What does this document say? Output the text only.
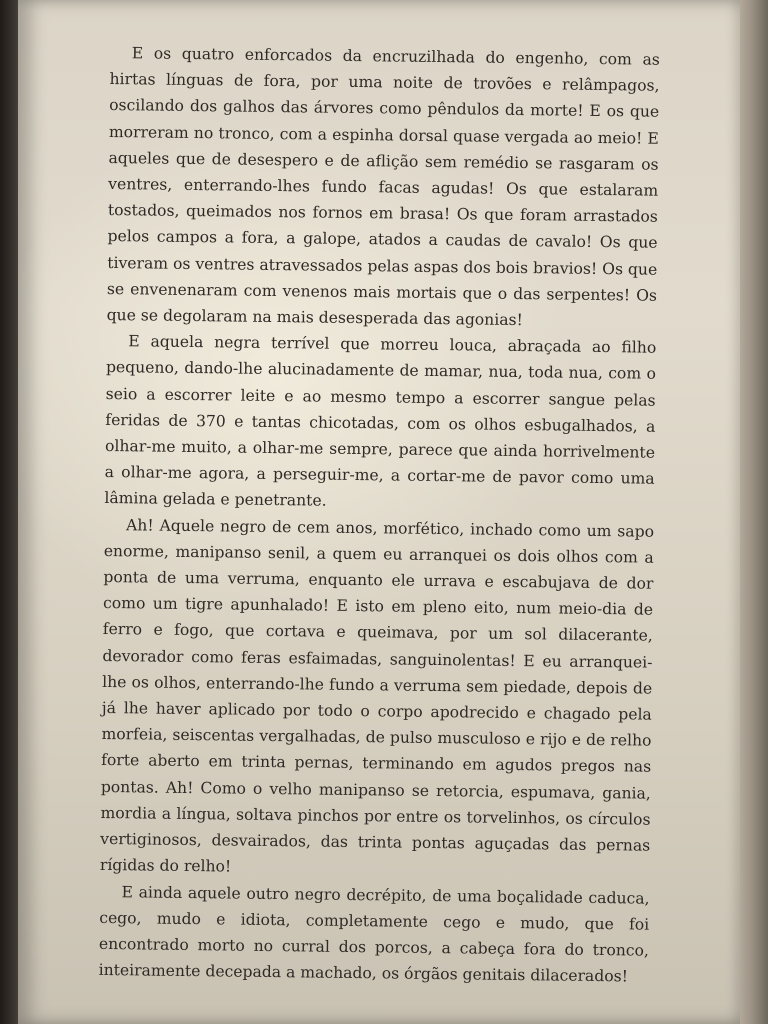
E os quatro enforcados da encruzilhada do engenho, com as hirtas línguas de fora, por uma noite de trovões e relâmpagos, oscilando dos galhos das árvores como pêndulos da morte! E os que morreram no tronco, com a espinha dorsal quase vergada ao meio! E aqueles que de desespero e de aflição sem remédio se rasgaram os ventres, enterrando-lhes fundo facas agudas! Os que estalaram tostados, queimados nos fornos em brasa! Os que foram arrastados pelos campos a fora, a galope, atados a caudas de cavalo! Os que tiveram os ventres atravessados pelas aspas dos bois bravios! Os que se envenenaram com venenos mais mortais que o das serpentes! Os que se degolaram na mais desesperada das agonias!

E aquela negra terrível que morreu louca, abraçada ao filho pequeno, dando-lhe alucinadamente de mamar, nua, toda nua, com o seio a escorrer leite e ao mesmo tempo a escorrer sangue pelas feridas de 370 e tantas chicotadas, com os olhos esbugalhados, a olhar-me muito, a olhar-me sempre, parece que ainda horrivelmente a olhar-me agora, a perseguir-me, a cortar-me de pavor como uma lâmina gelada e penetrante.

Ah! Aquele negro de cem anos, morfético, inchado como um sapo enorme, manipanso senil, a quem eu arranquei os dois olhos com a ponta de uma verruma, enquanto ele urrava e escabujava de dor como um tigre apunhalado! E isto em pleno eito, num meio-dia de ferro e fogo, que cortava e queimava, por um sol dilacerante, devorador como feras esfaimadas, sanguinolentas! E eu arranquei-lhe os olhos, enterrando-lhe fundo a verruma sem piedade, depois de já lhe haver aplicado por todo o corpo apodrecido e chagado pela morfeia, seiscentas vergalhadas, de pulso musculoso e rijo e de relho forte aberto em trinta pernas, terminando em agudos pregos nas pontas. Ah! Como o velho manipanso se retorcia, espumava, gania, mordia a língua, soltava pinchos por entre os torvelinhos, os círculos vertiginosos, desvairados, das trinta pontas aguçadas das pernas rígidas do relho!

E ainda aquele outro negro decrépito, de uma boçalidade caduca, cego, mudo e idiota, completamente cego e mudo, que foi encontrado morto no curral dos porcos, a cabeça fora do tronco, inteiramente decepada a machado, os órgãos genitais dilacerados!
